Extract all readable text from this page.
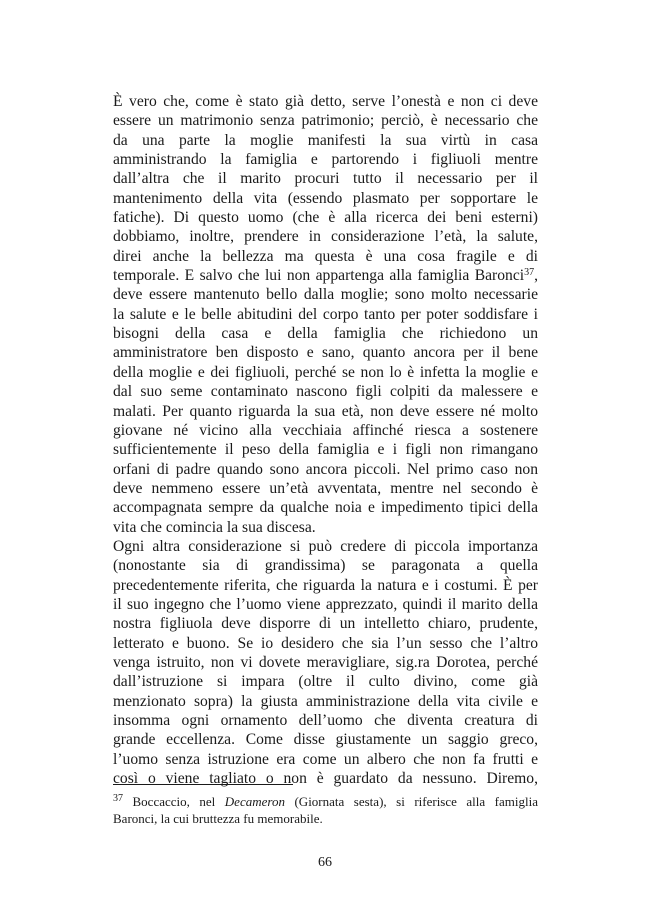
È vero che, come è stato già detto, serve l’onestà e non ci deve
essere un matrimonio senza patrimonio; perciò, è necessario che
da una parte la moglie manifesti la sua virtù in casa
amministrando la famiglia e partorendo i figliuoli mentre
dall’altra che il marito procuri tutto il necessario per il
mantenimento della vita (essendo plasmato per sopportare le
fatiche). Di questo uomo (che è alla ricerca dei beni esterni)
dobbiamo, inoltre, prendere in considerazione l’età, la salute,
direi anche la bellezza ma questa è una cosa fragile e di
temporale. E salvo che lui non appartenga alla famiglia Baronci$^{37}$,
deve essere mantenuto bello dalla moglie; sono molto necessarie
la salute e le belle abitudini del corpo tanto per poter soddisfare i
bisogni della casa e della famiglia che richiedono un
amministratore ben disposto e sano, quanto ancora per il bene
della moglie e dei figliuoli, perché se non lo è infetta la moglie e
dal suo seme contaminato nascono figli colpiti da malessere e
malati. Per quanto riguarda la sua età, non deve essere né molto
giovane né vicino alla vecchiaia affinché riesca a sostenere
sufficientemente il peso della famiglia e i figli non rimangano
orfani di padre quando sono ancora piccoli. Nel primo caso non
deve nemmeno essere un’età avventata, mentre nel secondo è
accompagnata sempre da qualche noia e impedimento tipici della
vita che comincia la sua discesa.
Ogni altra considerazione si può credere di piccola importanza
(nonostante sia di grandissima) se paragonata a quella
precedentemente riferita, che riguarda la natura e i costumi. È per
il suo ingegno che l’uomo viene apprezzato, quindi il marito della
nostra figliuola deve disporre di un intelletto chiaro, prudente,
letterato e buono. Se io desidero che sia l’un sesso che l’altro
venga istruito, non vi dovete meravigliare, sig.ra Dorotea, perché
dall’istruzione si impara (oltre il culto divino, come già
menzionato sopra) la giusta amministrazione della vita civile e
insomma ogni ornamento dell’uomo che diventa creatura di
grande eccellenza. Come disse giustamente un saggio greco,
l’uomo senza istruzione era come un albero che non fa frutti e
così o viene tagliato o non è guardato da nessuno. Diremo,
$^{37}$ Boccaccio, nel Decameron (Giornata sesta), si riferisce alla famiglia
Baronci, la cui bruttezza fu memorabile.
66
